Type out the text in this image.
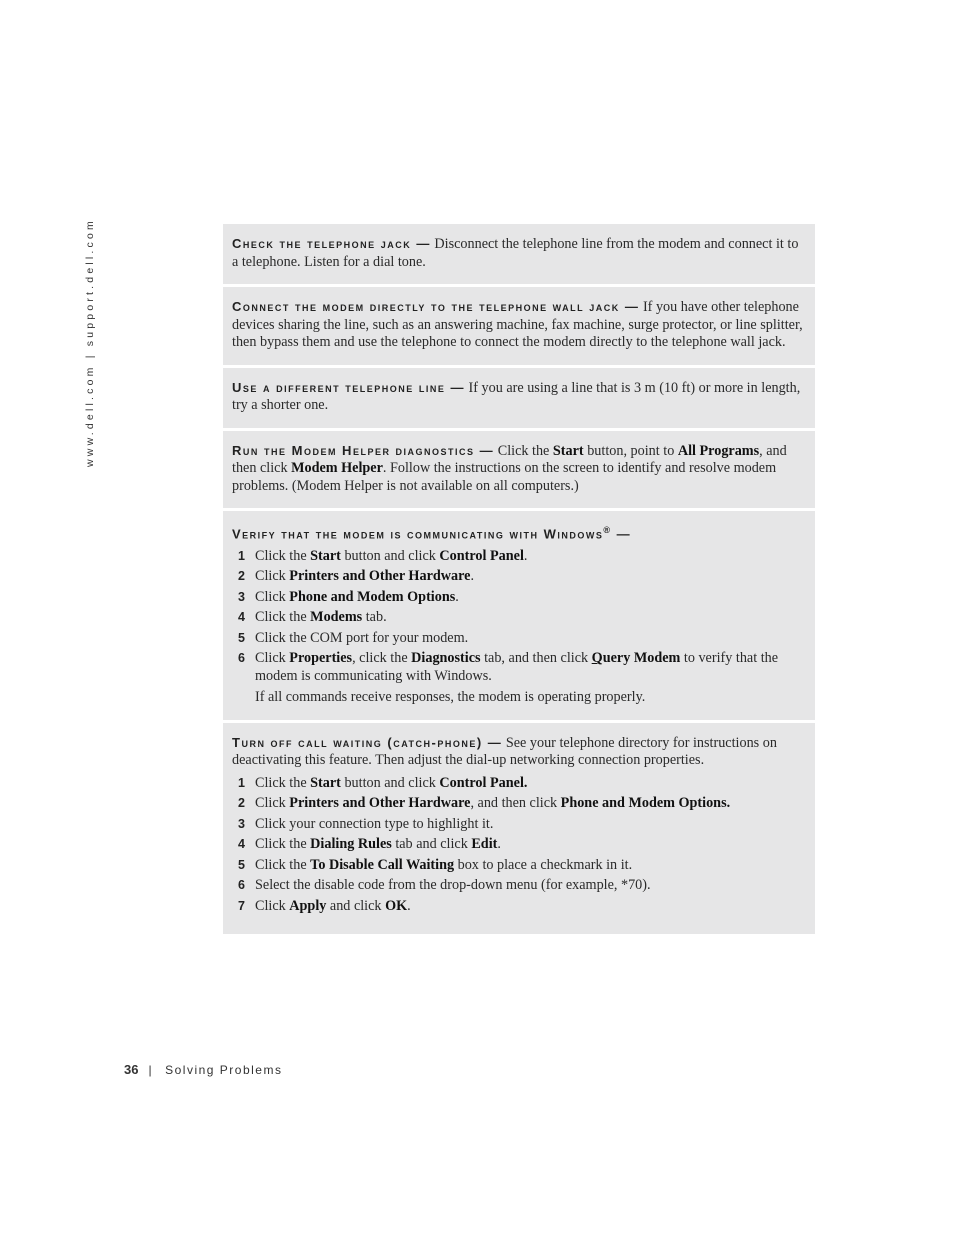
www.dell.com | support.dell.com	Check the telephone jack — Disconnect the telephone line from the modem and connect it to a telephone. Listen for a dial tone.
Connect the modem directly to the telephone wall jack — If you have other telephone devices sharing the line, such as an answering machine, fax machine, surge protector, or line splitter, then bypass them and use the telephone to connect the modem directly to the telephone wall jack.
Use a different telephone line — If you are using a line that is 3 m (10 ft) or more in length, try a shorter one.
Run the Modem Helper diagnostics — Click the Start button, point to All Programs, and then click Modem Helper. Follow the instructions on the screen to identify and resolve modem problems. (Modem Helper is not available on all computers.)
Verify that the modem is communicating with Windows® —
1 Click the Start button and click Control Panel.
2 Click Printers and Other Hardware.
3 Click Phone and Modem Options.
4 Click the Modems tab.
5 Click the COM port for your modem.
6 Click Properties, click the Diagnostics tab, and then click Query Modem to verify that the modem is communicating with Windows.
If all commands receive responses, the modem is operating properly.
Turn off call waiting (catch-phone) — See your telephone directory for instructions on deactivating this feature. Then adjust the dial-up networking connection properties.
1 Click the Start button and click Control Panel.
2 Click Printers and Other Hardware, and then click Phone and Modem Options.
3 Click your connection type to highlight it.
4 Click the Dialing Rules tab and click Edit.
5 Click the To Disable Call Waiting box to place a checkmark in it.
6 Select the disable code from the drop-down menu (for example, *70).
7 Click Apply and click OK.
36 | Solving Problems
